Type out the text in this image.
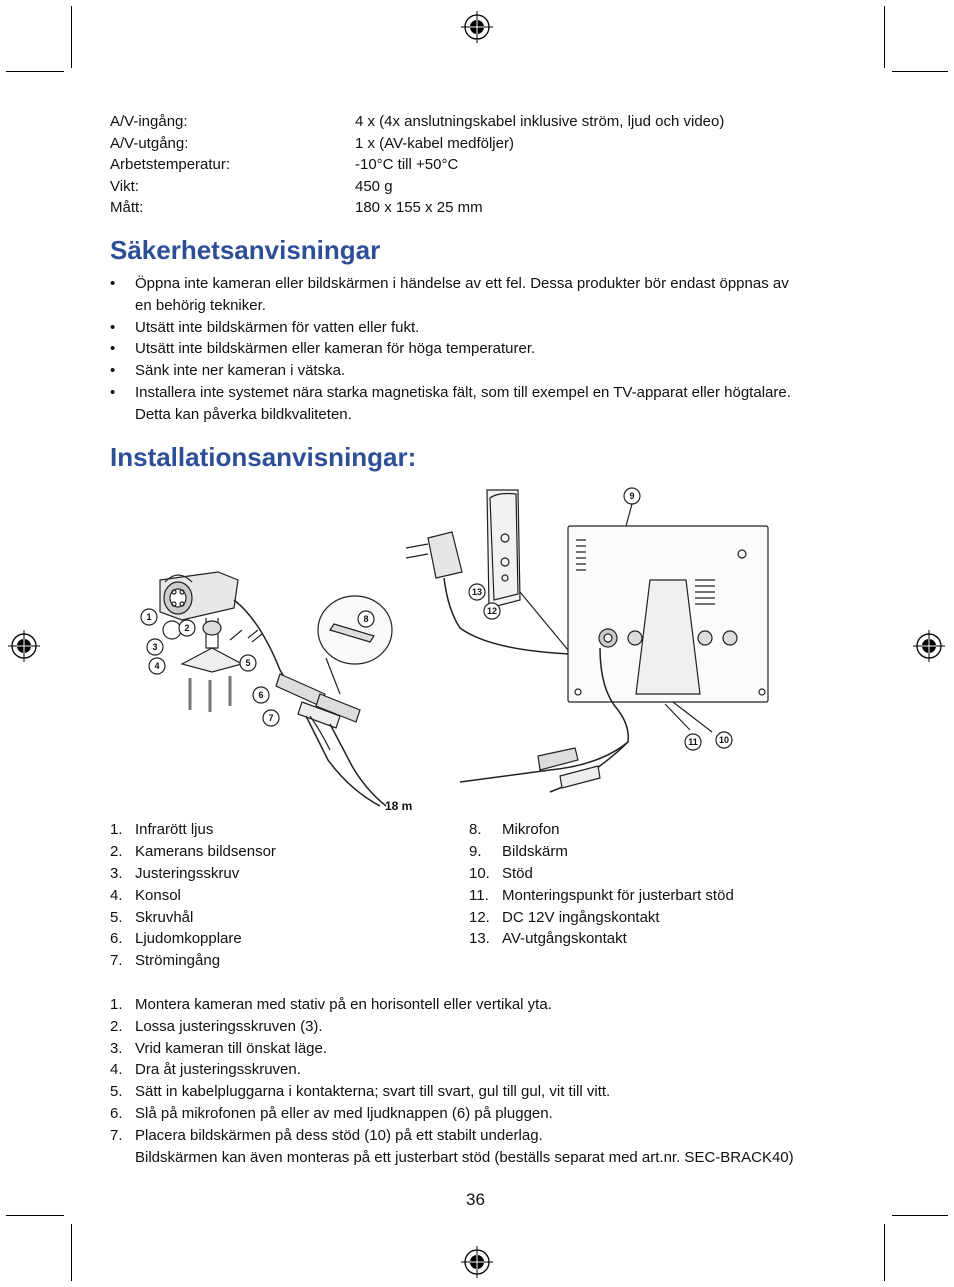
A/V-ingång:	4 x (4x anslutningskabel inklusive ström, ljud och video)
A/V-utgång:	1 x (AV-kabel medföljer)
Arbetstemperatur:	-10°C till +50°C
Vikt:	450 g
Mått:	180 x 155 x 25 mm
Säkerhetsanvisningar
• Öppna inte kameran eller bildskärmen i händelse av ett fel. Dessa produkter bör endast öppnas av
en behörig tekniker.
• Utsätt inte bildskärmen för vatten eller fukt.
• Utsätt inte bildskärmen eller kameran för höga temperaturer.
• Sänk inte ner kameran i vätska.
• Installera inte systemet nära starka magnetiska fält, som till exempel en TV-apparat eller högtalare.
Detta kan påverka bildkvaliteten.
Installationsanvisningar:
1
2
3
4	5
6
7
8
9
10
11
12
13
18 m
1. Infrarött ljus
2. Kamerans bildsensor
3. Justeringsskruv
4. Konsol
5. Skruvhål
6. Ljudomkopplare
7. Strömingång
8. Mikrofon
9. Bildskärm
10. Stöd
11. Monteringspunkt för justerbart stöd
12. DC 12V ingångskontakt
13. AV-utgångskontakt
1. Montera kameran med stativ på en horisontell eller vertikal yta.
2. Lossa justeringsskruven (3).
3. Vrid kameran till önskat läge.
4. Dra åt justeringsskruven.
5. Sätt in kabelpluggarna i kontakterna; svart till svart, gul till gul, vit till vitt.
6. Slå på mikrofonen på eller av med ljudknappen (6) på pluggen.
7. Placera bildskärmen på dess stöd (10) på ett stabilt underlag.
Bildskärmen kan även monteras på ett justerbart stöd (beställs separat med art.nr. SEC-BRACK40)
36
